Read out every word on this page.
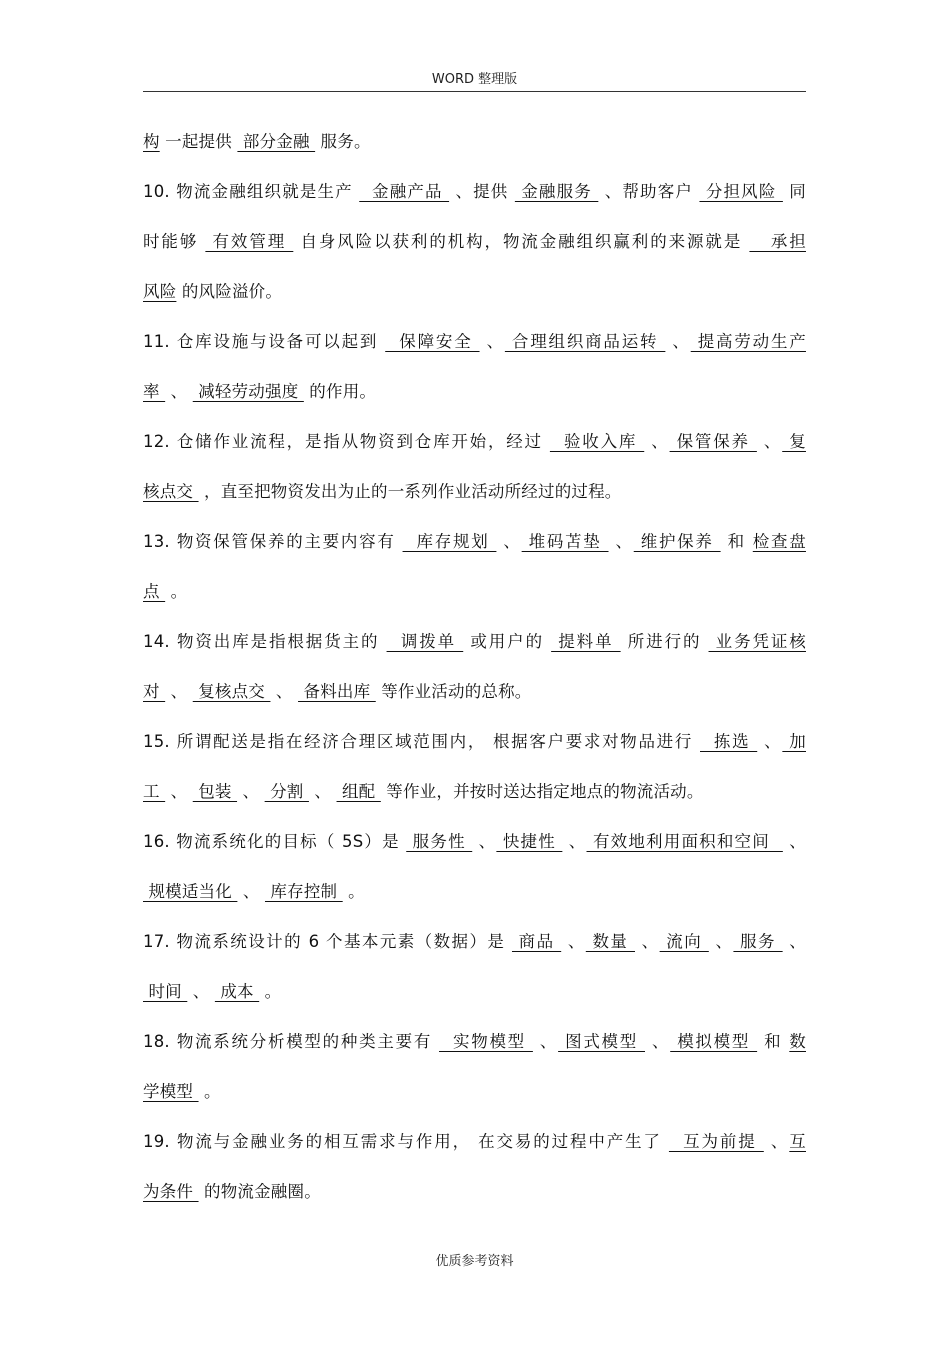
WORD 整理版
构 一起提供  部分金融  服务。
10. 物流金融组织就是生产   金融产品  、提供  金融服务  、帮助客户  分担风险  同
时能够  有效管理  自身风险以获利的机构，物流金融组织赢利的来源就是    承担
风险 的风险溢价。
11. 仓库设施与设备可以起到   保障安全  、 合理组织商品运转  、 提高劳动生产
率  、  减轻劳动强度  的作用。
12. 仓储作业流程，是指从物资到仓库开始，经过   验收入库  、 保管保养  、 复
核点交  ，直至把物资发出为止的一系列作业活动所经过的过程。
13. 物资保管保养的主要内容有   库存规划  、 堆码苫垫  、 维护保养  和 检查盘
点  。
14. 物资出库是指根据货主的   调拨单  或用户的  提料单  所进行的  业务凭证核
对  、  复核点交  、  备料出库  等作业活动的总称。
15. 所谓配送是指在经济合理区域范围内， 根据客户要求对物品进行   拣选  、 加
工  、  包装  、  分割  、  组配  等作业，并按时送达指定地点的物流活动。
16. 物流系统化的目标（ 5S）是  服务性  、 快捷性  、 有效地利用面积和空间   、
规模适当化  、  库存控制  。
17. 物流系统设计的 6 个基本元素（数据）是  商品  、 数量  、 流向  、 服务  、
时间  、  成本  。
18. 物流系统分析模型的种类主要有   实物模型  、 图式模型  、 模拟模型  和 数
学模型  。
19. 物流与金融业务的相互需求与作用， 在交易的过程中产生了   互为前提  、互
为条件  的物流金融圈。
优质参考资料
